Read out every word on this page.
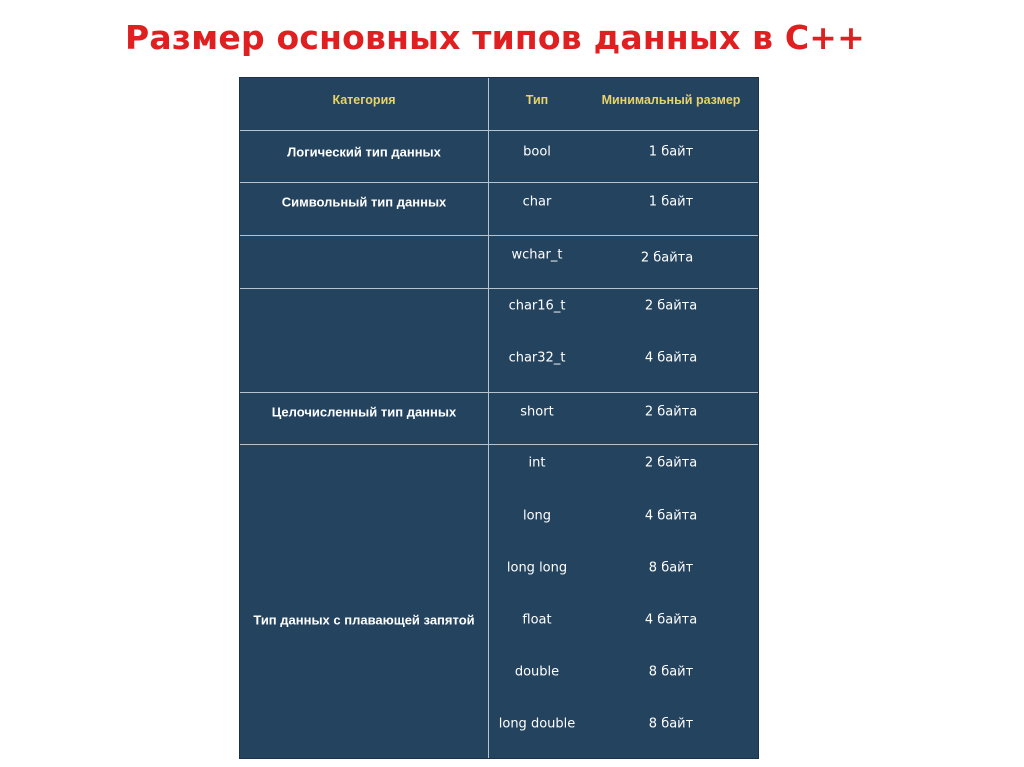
Размер основных типов данных в C++
Категория	Тип	Минимальный размер
Логический тип данных	bool	1 байт
Символьный тип данных	char	1 байт
wchar_t	2 байта
char16_t	2 байта
char32_t	4 байта
Целочисленный тип данных	short	2 байта
int	2 байта
long	4 байта
long long	8 байт
Тип данных с плавающей запятой	float	4 байта
double	8 байт
long double	8 байт
